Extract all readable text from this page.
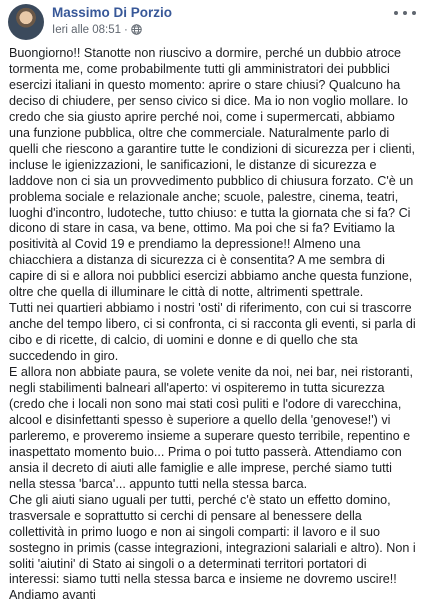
Massimo Di Porzio
Ieri alle 08:51 ·

Buongiorno!! Stanotte non riuscivo a dormire, perché un dubbio atroce tormenta me, come probabilmente tutti gli amministratori dei pubblici esercizi italiani in questo momento: aprire o stare chiusi? Qualcuno ha deciso di chiudere, per senso civico si dice. Ma io non voglio mollare. Io credo che sia giusto aprire perché noi, come i supermercati, abbiamo una funzione pubblica, oltre che commerciale. Naturalmente parlo di quelli che riescono a garantire tutte le condizioni di sicurezza per i clienti, incluse le igienizzazioni, le sanificazioni, le distanze di sicurezza e laddove non ci sia un provvedimento pubblico di chiusura forzato. C'è un problema sociale e relazionale anche; scuole, palestre, cinema, teatri, luoghi d'incontro, ludoteche, tutto chiuso: e tutta la giornata che si fa? Ci dicono di stare in casa, va bene, ottimo. Ma poi che si fa? Evitiamo la positività al Covid 19 e prendiamo la depressione!! Almeno una chiacchiera a distanza di sicurezza ci è consentita? A me sembra di capire di si e allora noi pubblici esercizi abbiamo anche questa funzione, oltre che quella di illuminare le città di notte, altrimenti spettrale.

Tutti nei quartieri abbiamo i nostri 'osti' di riferimento, con cui si trascorre anche del tempo libero, ci si confronta, ci si racconta gli eventi, si parla di cibo e di ricette, di calcio, di uomini e donne e di quello che sta succedendo in giro.

E allora non abbiate paura, se volete venite da noi, nei bar, nei ristoranti, negli stabilimenti balneari all'aperto: vi ospiteremo in tutta sicurezza (credo che i locali non sono mai stati così puliti e l'odore di varecchina, alcool e disinfettanti spesso è superiore a quello della 'genovese!') vi parleremo, e proveremo insieme a superare questo terribile, repentino e inaspettato momento buio... Prima o poi tutto passerà. Attendiamo con ansia il decreto di aiuti alle famiglie e alle imprese, perché siamo tutti nella stessa 'barca'... appunto tutti nella stessa barca.

Che gli aiuti siano uguali per tutti, perché c'è stato un effetto domino, trasversale e soprattutto si cerchi di pensare al benessere della collettività in primo luogo e non ai singoli comparti: il lavoro e il suo sostegno in primis (casse integrazioni, integrazioni salariali e altro). Non i soliti 'aiutini' di Stato ai singoli o a determinati territori portatori di interessi: siamo tutti nella stessa barca e insieme ne dovremo uscire!! Andiamo avanti
